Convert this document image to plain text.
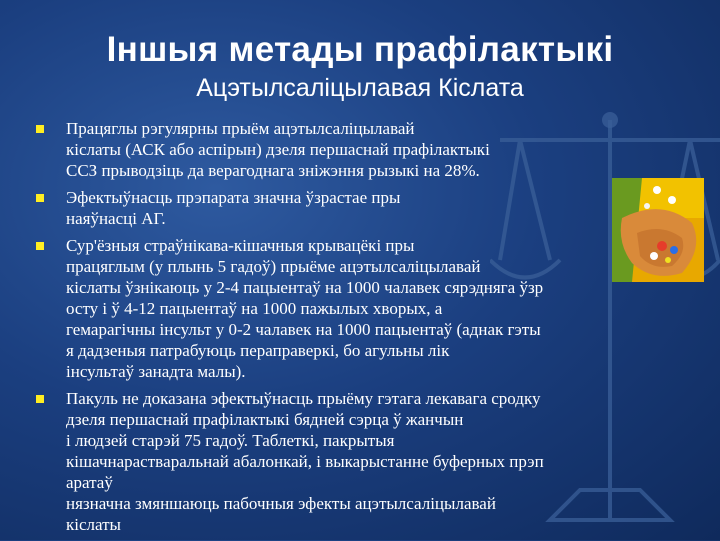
Іншыя метады прафілактыкі
Ацэтылсаліцылавая Кіслата
Працяглы рэгулярны прыём ацэтылсаліцылавай
кіслаты (АСК або аспірын) дзеля першаснай прафілактыкі
ССЗ прыводзіць да верагоднага зніжэння рызыкі на 28%.
Эфектыўнасць прэпарата значна ўзрастае пры
наяўнасці АГ.
Сур'ёзныя страўнікава-кішачныя крывацёкі пры
працяглым (у плынь 5 гадоў) прыёме ацэтылсаліцылавай
кіслаты ўзнікаюць у 2-4 пацыентаў на 1000 чалавек сярэдняга ўзр
осту і ў 4-12 пацыентаў на 1000 пажылых хворых, а
гемарагічны інсульт у 0-2 чалавек на 1000 пацыентаў (аднак гэты
я дадзеныя патрабуюць пераправеркі, бо агульны лік
інсультаў занадта малы).
Пакуль не доказана эфектыўнасць прыёму гэтага лекавага сродку
дзеля першаснай прафілактыкі бядней сэрца ў жанчын
і людзей старэй 75 гадоў. Таблеткі, пакрытыя
кішачнараствaральнай абалонкай, і выкарыстанне буферных прэп
аратаў
нязначна змяншаюць пабочныя эфекты ацэтылсаліцылавай
кіслаты
